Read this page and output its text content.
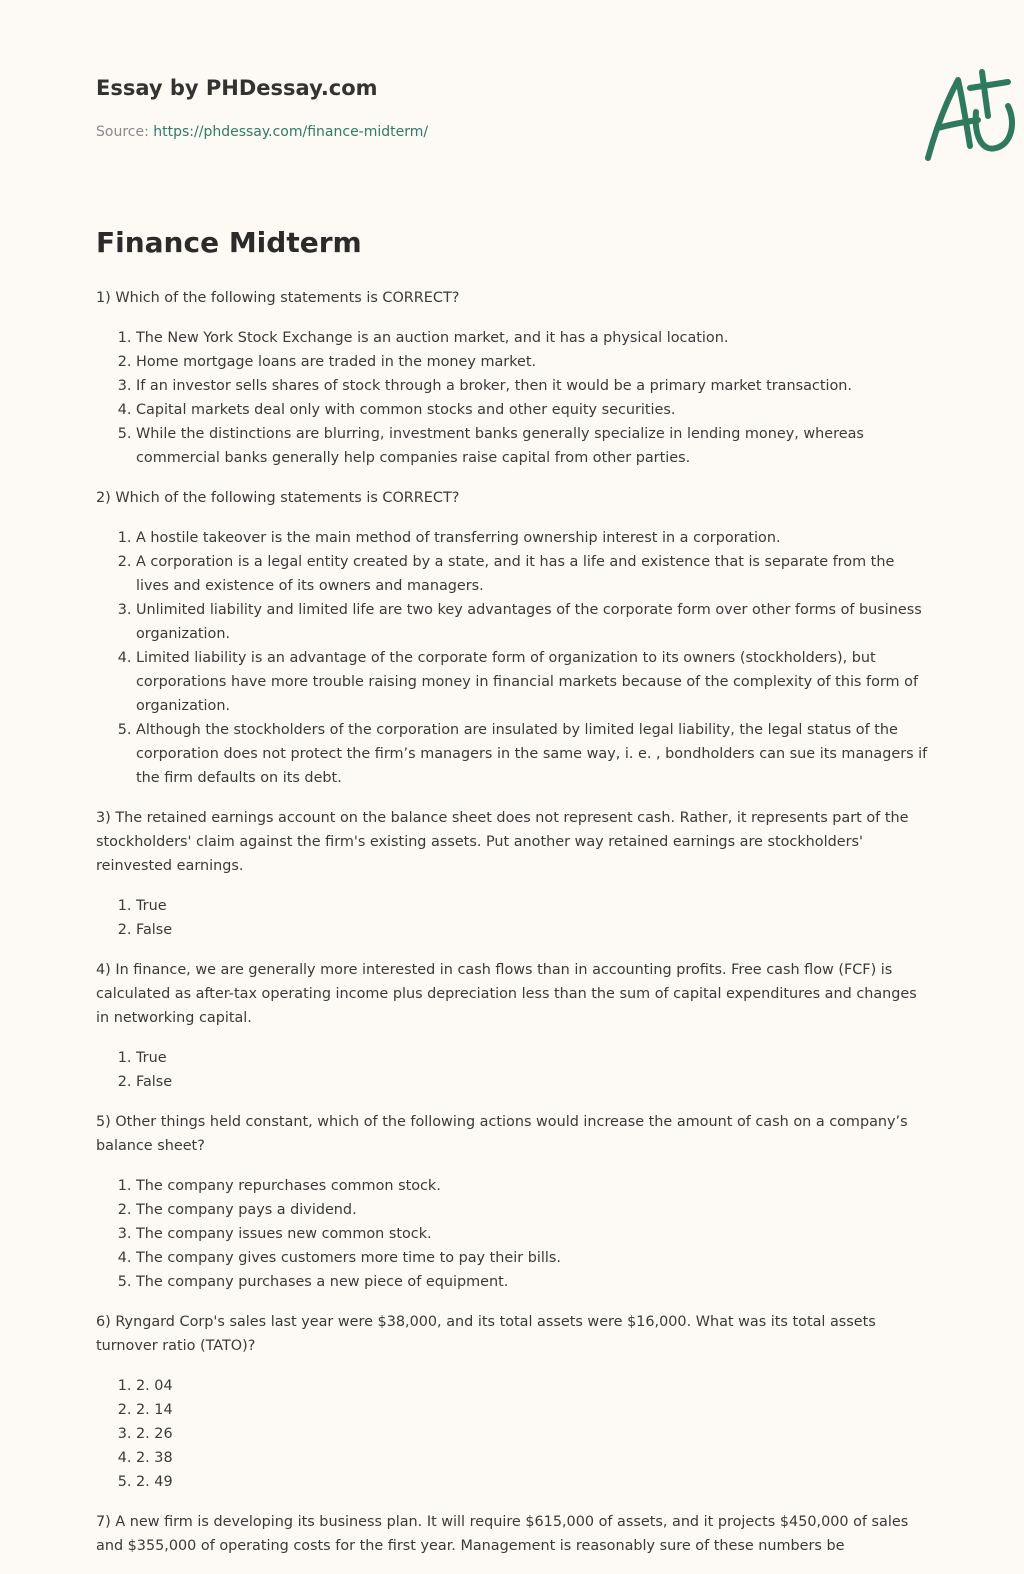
Essay by PHDessay.com
Source: https://phdessay.com/finance-midterm/
Finance Midterm

1) Which of the following statements is CORRECT?

1. The New York Stock Exchange is an auction market, and it has a physical location.
2. Home mortgage loans are traded in the money market.
3. If an investor sells shares of stock through a broker, then it would be a primary market transaction.
4. Capital markets deal only with common stocks and other equity securities.
5. While the distinctions are blurring, investment banks generally specialize in lending money, whereas commercial banks generally help companies raise capital from other parties.

2) Which of the following statements is CORRECT?

1. A hostile takeover is the main method of transferring ownership interest in a corporation.
2. A corporation is a legal entity created by a state, and it has a life and existence that is separate from the lives and existence of its owners and managers.
3. Unlimited liability and limited life are two key advantages of the corporate form over other forms of business organization.
4. Limited liability is an advantage of the corporate form of organization to its owners (stockholders), but corporations have more trouble raising money in financial markets because of the complexity of this form of organization.
5. Although the stockholders of the corporation are insulated by limited legal liability, the legal status of the corporation does not protect the firm’s managers in the same way, i. e. , bondholders can sue its managers if the firm defaults on its debt.

3) The retained earnings account on the balance sheet does not represent cash. Rather, it represents part of the stockholders' claim against the firm's existing assets. Put another way retained earnings are stockholders' reinvested earnings.

1. True
2. False

4) In finance, we are generally more interested in cash flows than in accounting profits. Free cash flow (FCF) is calculated as after-tax operating income plus depreciation less than the sum of capital expenditures and changes in networking capital.

1. True
2. False

5) Other things held constant, which of the following actions would increase the amount of cash on a company’s balance sheet?

1. The company repurchases common stock.
2. The company pays a dividend.
3. The company issues new common stock.
4. The company gives customers more time to pay their bills.
5. The company purchases a new piece of equipment.

6) Ryngard Corp's sales last year were $38,000, and its total assets were $16,000. What was its total assets turnover ratio (TATO)?

1. 2. 04
2. 2. 14
3. 2. 26
4. 2. 38
5. 2. 49

7) A new firm is developing its business plan. It will require $615,000 of assets, and it projects $450,000 of sales and $355,000 of operating costs for the first year. Management is reasonably sure of these numbers be
